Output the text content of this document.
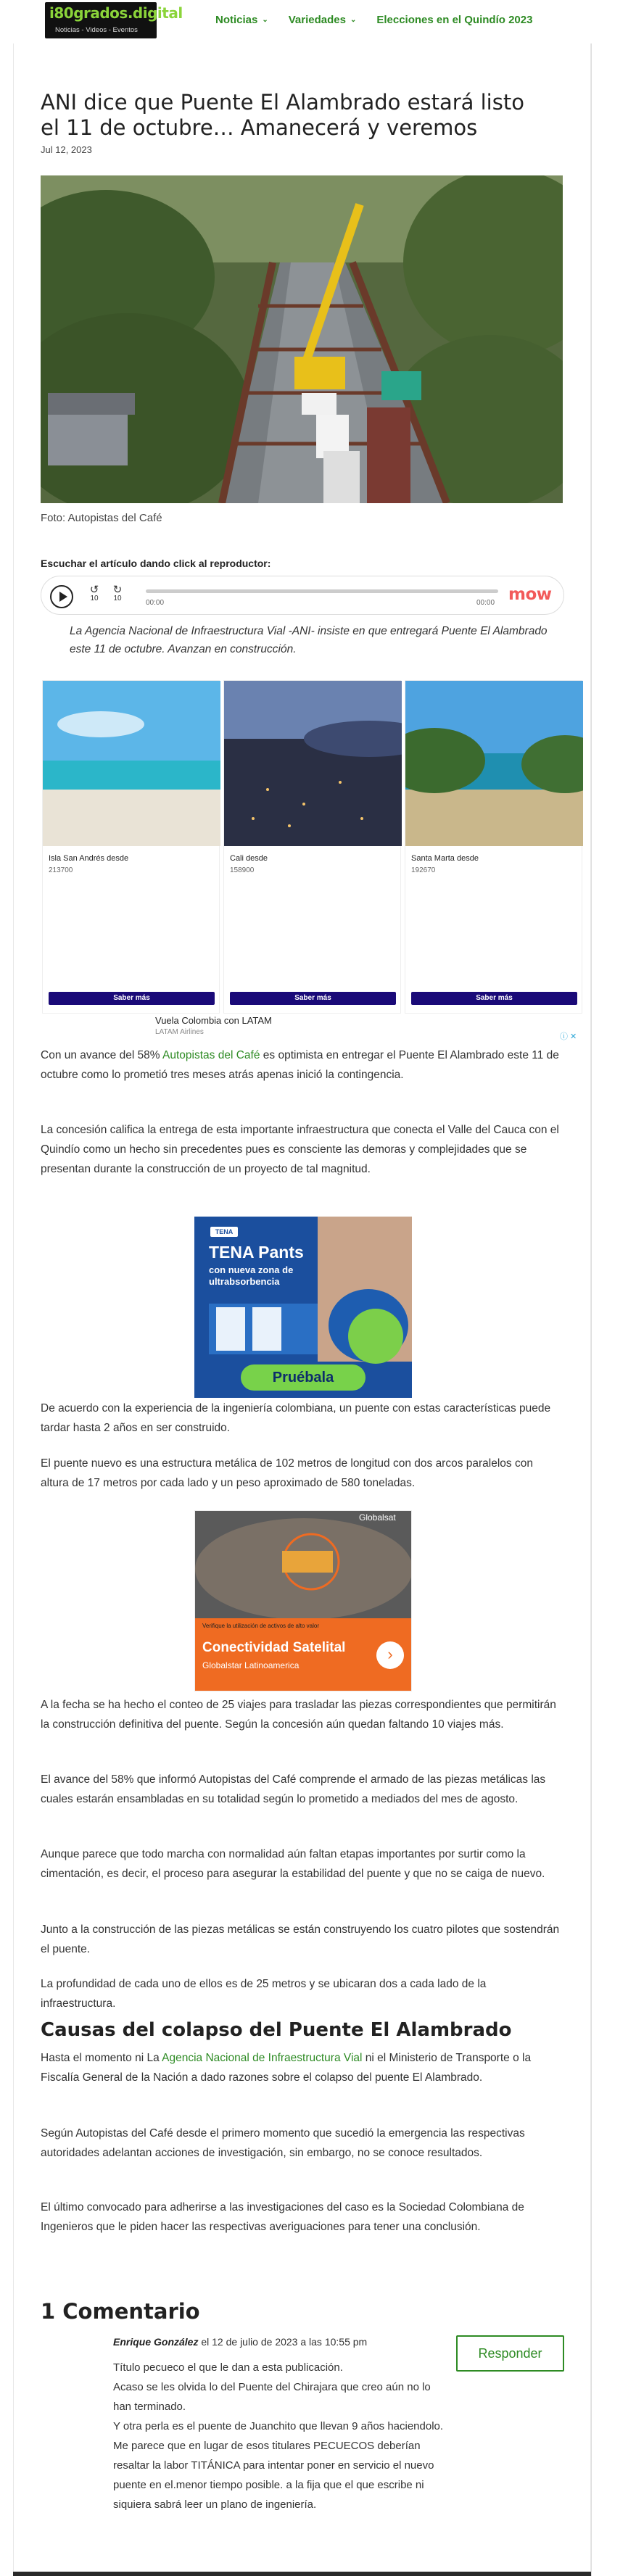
i80grados.digital
Noticias - Videos - Eventos
Noticias ⌄ Variedades ⌄ Elecciones en el Quindío 2023
ANI dice que Puente El Alambrado estará listo el 11 de octubre… Amanecerá y veremos
Jul 12, 2023
Foto: Autopistas del Café
Escuchar el artículo dando click al reproductor:
↺
10
↻
10
00:00	00:00 mow
La Agencia Nacional de Infraestructura Vial -ANI- insiste en que entregará Puente El Alambrado este 11 de octubre. Avanzan en construcción.
Isla San Andrés desde
213700
Saber más
Cali desde
158900
Saber más
Santa Marta desde
192670
Saber más
Vuela Colombia con LATAM
LATAM Airlines
ⓘ ✕

Con un avance del 58% Autopistas del Café es optimista en entregar el Puente El Alambrado este 11 de octubre como lo prometió tres meses atrás apenas inició la contingencia.

La concesión califica la entrega de esta importante infraestructura que conecta el Valle del Cauca con el Quindío como un hecho sin precedentes pues es consciente las demoras y complejidades que se presentan durante la construcción de un proyecto de tal magnitud.

TENA
TENA Pants
con nueva zona de ultrabsorbencia
Pruébala

De acuerdo con la experiencia de la ingeniería colombiana, un puente con estas características puede tardar hasta 2 años en ser construido.

El puente nuevo es una estructura metálica de 102 metros de longitud con dos arcos paralelos con altura de 17 metros por cada lado y un peso aproximado de 580 toneladas.

Globalsat
Verifique la utilización de activos de alto valor
Conectividad Satelital
Globalstar Latinoamerica
›

A la fecha se ha hecho el conteo de 25 viajes para trasladar las piezas correspondientes que permitirán la construcción definitiva del puente. Según la concesión aún quedan faltando 10 viajes más.

El avance del 58% que informó Autopistas del Café comprende el armado de las piezas metálicas las cuales estarán ensambladas en su totalidad según lo prometido a mediados del mes de agosto.

Aunque parece que todo marcha con normalidad aún faltan etapas importantes por surtir como la cimentación, es decir, el proceso para asegurar la estabilidad del puente y que no se caiga de nuevo.

Junto a la construcción de las piezas metálicas se están construyendo los cuatro pilotes que sostendrán el puente.

La profundidad de cada uno de ellos es de 25 metros y se ubicaran dos a cada lado de la infraestructura.

Causas del colapso del Puente El Alambrado

Hasta el momento ni La Agencia Nacional de Infraestructura Vial ni el Ministerio de Transporte o la Fiscalía General de la Nación a dado razones sobre el colapso del puente El Alambrado.

Según Autopistas del Café desde el primero momento que sucedió la emergencia las respectivas autoridades adelantan acciones de investigación, sin embargo, no se conoce resultados.

El último convocado para adherirse a las investigaciones del caso es la Sociedad Colombiana de Ingenieros que le piden hacer las respectivas averiguaciones para tener una conclusión.

1 Comentario
Enrique González el 12 de julio de 2023 a las 10:55 pm
Responder
Título pecueco el que le dan a esta publicación.
Acaso se les olvida lo del Puente del Chirajara que creo aún no lo han terminado.
Y otra perla es el puente de Juanchito que llevan 9 años haciendolo.
Me parece que en lugar de esos titulares PECUECOS deberían resaltar la labor TITÁNICA para intentar poner en servicio el nuevo puente en el.menor tiempo posible. a la fija que el que escribe ni siquiera sabrá leer un plano de ingeniería.
